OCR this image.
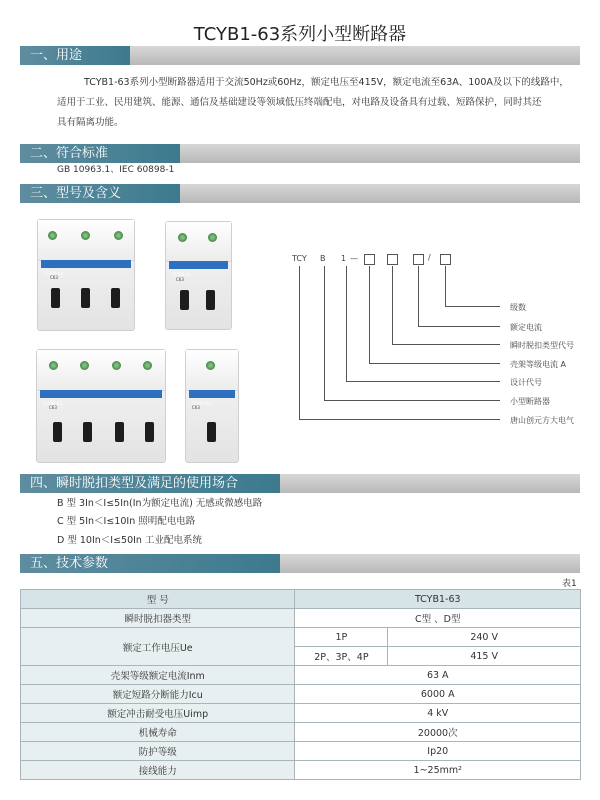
TCYB1-63系列小型断路器
一、用途
TCYB1-63系列小型断路器适用于交流50Hz或60Hz，额定电压至415V，额定电流至63A、100A及以下的线路中，
适用于工业、民用建筑、能源、通信及基础建设等领域低压终端配电，对电路及设备具有过载、短路保护，同时其还
具有隔离功能。
二、符合标准
GB 10963.1、IEC 60898-1
三、型号及含义
TCYB1-63
C63
TCYB1-63
C63
TCYB1-63
C63
TCYB1-63
C63
TCY B 1 —	/
级数
额定电流
瞬时脱扣类型代号
壳架等级电流 A
设计代号
小型断路器
唐山创元方大电气
四、瞬时脱扣类型及满足的使用场合
B 型 3In＜I≤5In(In为额定电流) 无感或微感电路
C 型 5In＜I≤10In 照明配电电路
D 型 10In＜I≤50In 工业配电系统
五、技术参数
表1
型 号	TCYB1-63	
瞬时脱扣器类型	C型 、D型	
额定工作电压Ue	1P	240 V
	2P、3P、4P	415 V
壳架等级额定电流Inm	63 A	
额定短路分断能力Icu	6000 A	
额定冲击耐受电压Uimp	4 kV	
机械寿命	20000次	
防护等级	Ip20	
接线能力	1~25mm²	
